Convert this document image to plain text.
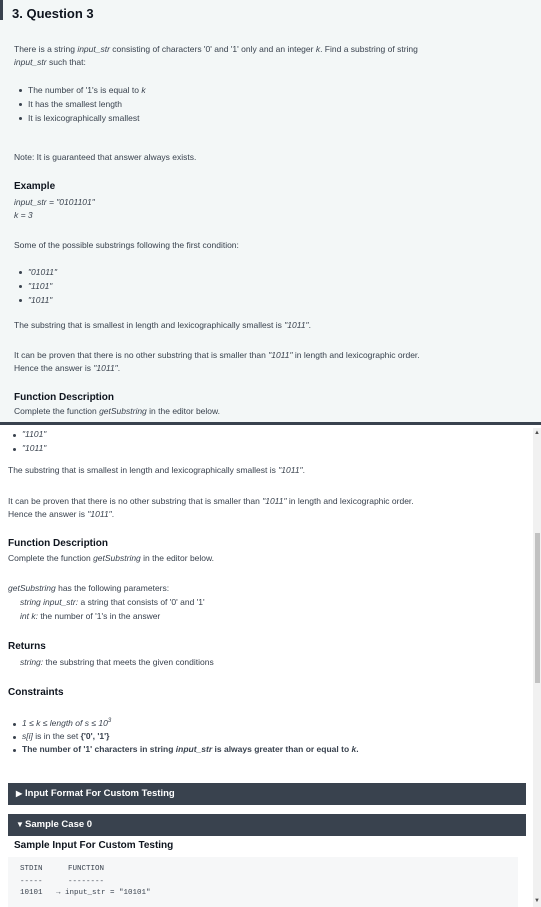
3. Question 3
There is a string input_str consisting of characters '0' and '1' only and an integer k. Find a substring of string
input_str such that:
The number of '1's is equal to k
It has the smallest length
It is lexicographically smallest
Note: It is guaranteed that answer always exists.
Example
input_str = "0101101"
k = 3
Some of the possible substrings following the first condition:
"01011"
"1101"
"1011"
The substring that is smallest in length and lexicographically smallest is "1011".
It can be proven that there is no other substring that is smaller than "1011" in length and lexicographic order.
Hence the answer is "1011".
Function Description
Complete the function getSubstring in the editor below.
"1101"
"1011"
The substring that is smallest in length and lexicographically smallest is "1011".
It can be proven that there is no other substring that is smaller than "1011" in length and lexicographic order.
Hence the answer is "1011".
Function Description
Complete the function getSubstring in the editor below.
getSubstring has the following parameters:
string input_str: a string that consists of '0' and '1'
int k: the number of '1's in the answer
Returns
string: the substring that meets the given conditions
Constraints
1 ≤ k ≤ length of $s \le 10^3$
s[i] is in the set {'0', '1'}
The number of '1' characters in string input_str is always greater than or equal to k.
▶ Input Format For Custom Testing
▼ Sample Case 0
Sample Input For Custom Testing
STDIN	FUNCTION
-----	--------
10101 → input_str = "10101"
▲
▼
